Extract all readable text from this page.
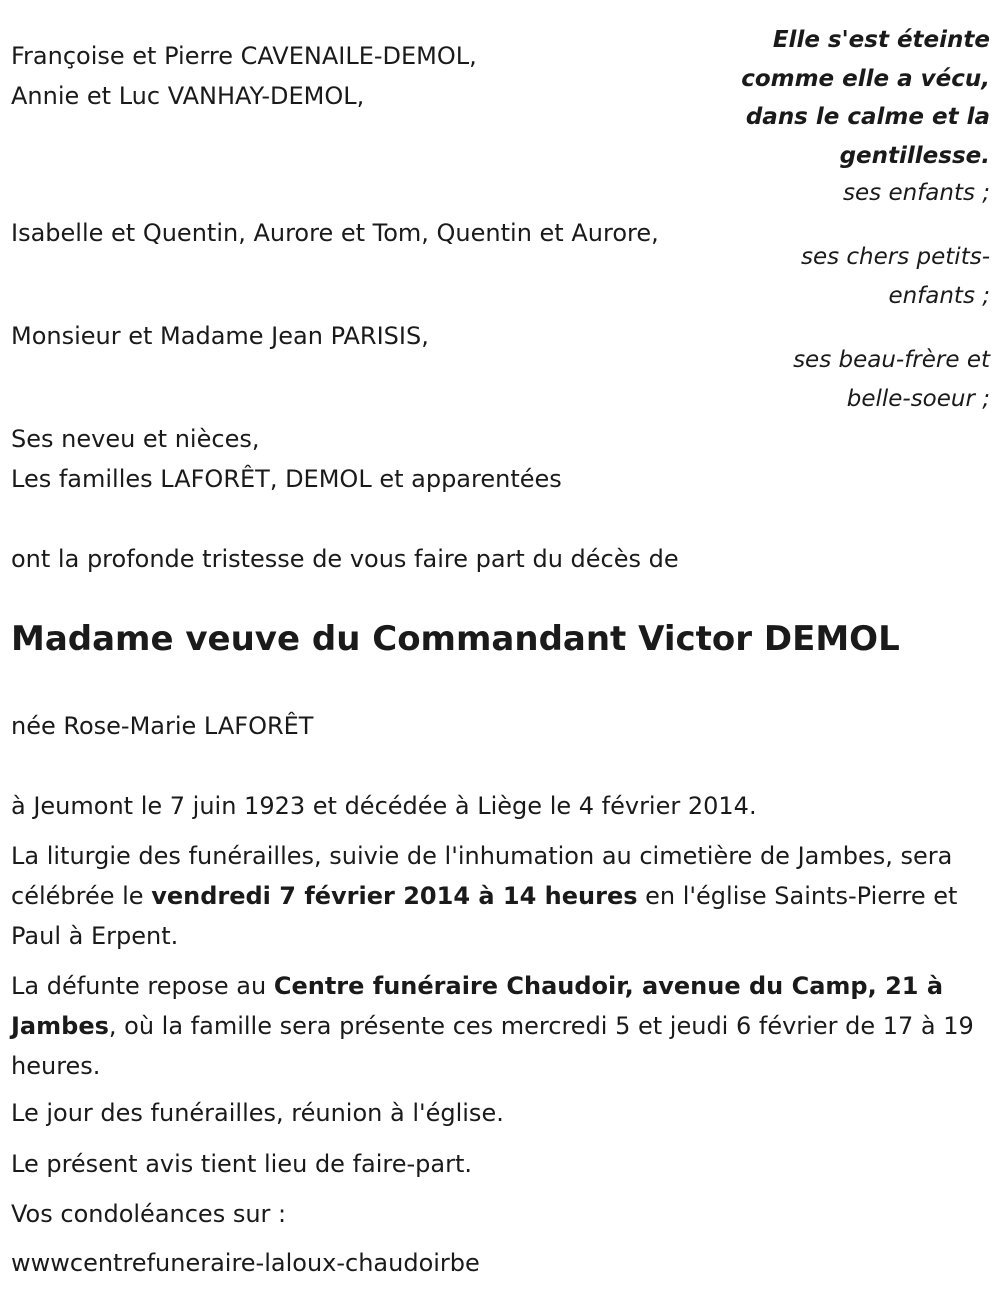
Françoise et Pierre CAVENAILE-DEMOL,
Annie et Luc VANHAY-DEMOL,
Isabelle et Quentin, Aurore et Tom, Quentin et Aurore,
Monsieur et Madame Jean PARISIS,
Ses neveu et nièces,
Les familles LAFORÊT, DEMOL et apparentées
Elle s'est éteinte
comme elle a vécu,
dans le calme et la
gentillesse.
ses enfants ;
ses chers petits-
enfants ;
ses beau-frère et
belle-soeur ;
ont la profonde tristesse de vous faire part du décès de
Madame veuve du Commandant Victor DEMOL
née Rose-Marie LAFORÊT
à Jeumont le 7 juin 1923 et décédée à Liège le 4 février 2014.
La liturgie des funérailles, suivie de l'inhumation au cimetière de Jambes, sera célébrée le vendredi 7 février 2014 à 14 heures en l'église Saints-Pierre et Paul à Erpent.
La défunte repose au Centre funéraire Chaudoir, avenue du Camp, 21 à Jambes, où la famille sera présente ces mercredi 5 et jeudi 6 février de 17 à 19 heures.
Le jour des funérailles, réunion à l'église.
Le présent avis tient lieu de faire-part.
Vos condoléances sur :
wwwcentrefuneraire-laloux-chaudoirbe
